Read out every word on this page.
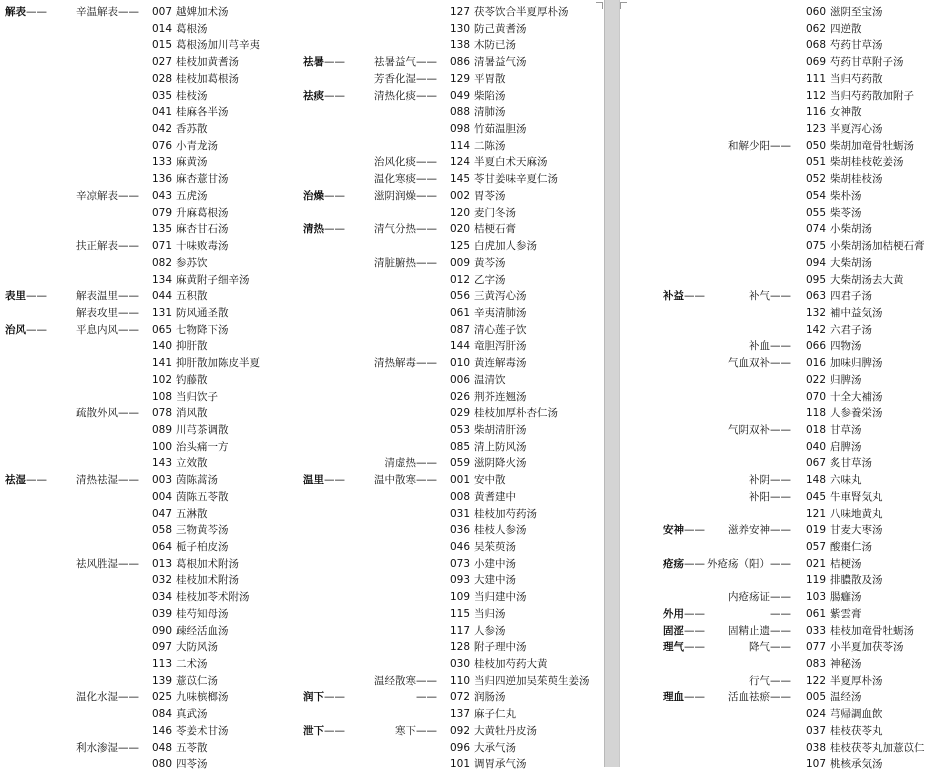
解表——	辛温解表—— 007 越婢加术汤
014 葛根汤
015 葛根汤加川芎辛夷
027 桂枝加黄耆汤
028 桂枝加葛根汤
035 桂枝汤
041 桂麻各半汤
042 香苏散
076 小青龙汤
133 麻黄汤
136 麻杏薏甘汤
辛凉解表—— 043 五虎汤
079 升麻葛根汤
135 麻杏甘石汤
扶正解表—— 071 十味败毒汤
082 参苏饮
134 麻黄附子细辛汤
表里——	解表温里—— 044 五积散
解表攻里—— 131 防风通圣散
治风——	平息内风—— 065 七物降下汤
140 抑肝散
141 抑肝散加陈皮半夏
102 钓藤散
108 当归饮子
疏散外风—— 078 消风散
089 川芎茶调散
100 治头痛一方
143 立效散
祛湿——	清热祛湿—— 003 茵陈蒿汤
004 茵陈五苓散
047 五淋散
058 三物黄芩汤
064 栀子柏皮汤
祛风胜湿—— 013 葛根加术附汤
032 桂枝加术附汤
034 桂枝加苓术附汤
039 桂芍知母汤
090 疎经活血汤
097 大防风汤
113 二术汤
139 薏苡仁汤
温化水湿—— 025 九味槟榔汤
084 真武汤
146 苓姜术甘汤
利水渗湿—— 048 五苓散
080 四苓汤
127 茯苓饮合半夏厚朴汤
130 防己黄耆汤
138 木防已汤
祛暑——	祛暑益气—— 086 清暑益气汤
芳香化湿—— 129 平胃散
祛痰——	清热化痰—— 049 柴陷汤
088 清肺汤
098 竹茹温胆汤
114 二陈汤
治风化痰—— 124 半夏白术天麻汤
温化寒痰—— 145 苓甘姜味辛夏仁汤
治燥——	滋阴润燥—— 002 胃苓汤
120 麦门冬汤
清热——	清气分热—— 020 桔梗石膏
125 白虎加人参汤
清脏腑热—— 009 黄芩汤
012 乙字汤
056 三黄泻心汤
061 辛夷清肺汤
087 清心莲子饮
144 竜胆泻肝汤
清热解毒—— 010 黄连解毒汤
006 温清饮
026 荆芥连翘汤
029 桂枝加厚朴杏仁汤
053 柴胡清肝汤
085 清上防风汤
清虚热—— 059 滋阴降火汤
温里——	温中散寒—— 001 安中散
008 黄耆建中
031 桂枝加芍药汤
036 桂枝人参汤
046 吴茱萸汤
073 小建中汤
093 大建中汤
109 当归建中汤
115 当归汤
117 人参汤
128 附子理中汤
030 桂枝加芍药大黄
温经散寒—— 110 当归四逆加吴茱萸生姜汤
润下——	—— 072 润肠汤
137 麻子仁丸
泄下——	寒下—— 092 大黄牡丹皮汤
096 大承气汤
101 调胃承气汤
060 滋阴至宝汤
062 四逆散
068 芍药甘草汤
069 芍药甘草附子汤
111 当归芍药散
112 当归芍药散加附子
116 女神散
123 半夏泻心汤
和解少阳—— 050 柴胡加竜骨牡蛎汤
051 柴胡桂枝乾姜汤
052 柴胡桂枝汤
054 柴朴汤
055 柴苓汤
074 小柴胡汤
075 小柴胡汤加桔梗石膏
094 大柴胡汤
095 大柴胡汤去大黄
补益——	补气—— 063 四君子汤
132 補中益気汤
142 六君子汤
补血—— 066 四物汤
气血双补—— 016 加味归脾汤
022 归脾汤
070 十全大補汤
118 人参養栄汤
气阴双补—— 018 甘草汤
040 启脾汤
067 炙甘草汤
补阴—— 148 六味丸
补阳—— 045 牛車腎気丸
121 八味地黄丸
安神—— 滋养安神—— 019 甘麦大枣汤
057 酸棗仁汤
疮疡—— 外疮疡（阳）—— 021 桔梗汤
119 排膿散及汤
内疮疡证—— 103 腸癰汤
外用——	—— 061 紫雲膏
固涩—— 固精止遗—— 033 桂枝加竜骨牡蛎汤
理气——	降气—— 077 小半夏加茯苓汤
083 神秘汤
行气—— 122 半夏厚朴汤
理血—— 活血祛瘀—— 005 温经汤
024 芎帰調血飲
037 桂枝茯苓丸
038 桂枝茯苓丸加薏苡仁
107 桃核承気汤
